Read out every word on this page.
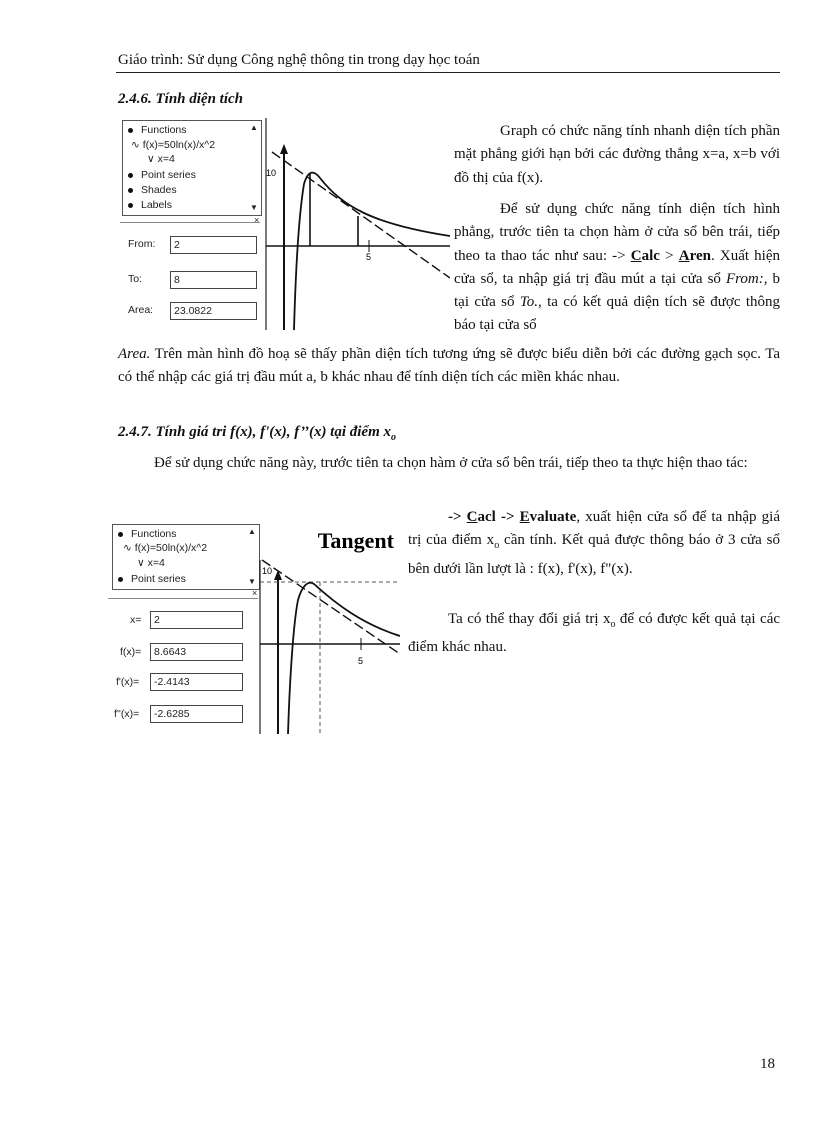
Giáo trình: Sử dụng Công nghệ thông tin trong dạy học toán
2.4.6. Tính diện tích
Functions
∿ f(x)=50ln(x)/x^2
∨ x=4
Point series
Shades
Labels
▲
▼
×
From:	2
To:	8
Area:	23.0822
10
5
Graph có chức năng tính nhanh diện tích phần mặt phẳng giới hạn bởi các đường thẳng x=a, x=b với đồ thị của f(x).
Để sử dụng chức năng tính diện tích hình phẳng, trước tiên ta chọn hàm ở cửa sổ bên trái, tiếp theo ta thao tác như sau: -> Calc > Aren. Xuất hiện cửa sổ, ta nhập giá trị đầu mút a tại cửa sổ From:, b tại cửa sổ To., ta có kết quả diện tích sẽ được thông báo tại cửa sổ
Area. Trên màn hình đồ hoạ sẽ thấy phần diện tích tương ứng sẽ được biểu diễn bởi các đường gạch sọc. Ta có thể nhập các giá trị đầu mút a, b khác nhau để tính diện tích các miền khác nhau.
2.4.7. Tính giá tri f(x), f'(x), f’’(x) tại điểm $x_o$
Để sử dụng chức năng này, trước tiên ta chọn hàm ở cửa sổ bên trái, tiếp theo ta thực hiện thao tác:
Functions
∿ f(x)=50ln(x)/x^2
∨ x=4
Point series
▲
▼
×
x=	2
f(x)=	8.6643
f'(x)=	-2.4143
f''(x)=	-2.6285
Tangent
10
5
-> Cacl -> Evaluate, xuất hiện cửa sổ để ta nhập giá trị của điểm $x_o$ cần tính. Kết quả được thông báo ở 3 cửa sổ bên dưới lần lượt là : f(x), f'(x), f"(x).
Ta có thể thay đổi giá trị $x_o$ để có được kết quả tại các điểm khác nhau.
18
